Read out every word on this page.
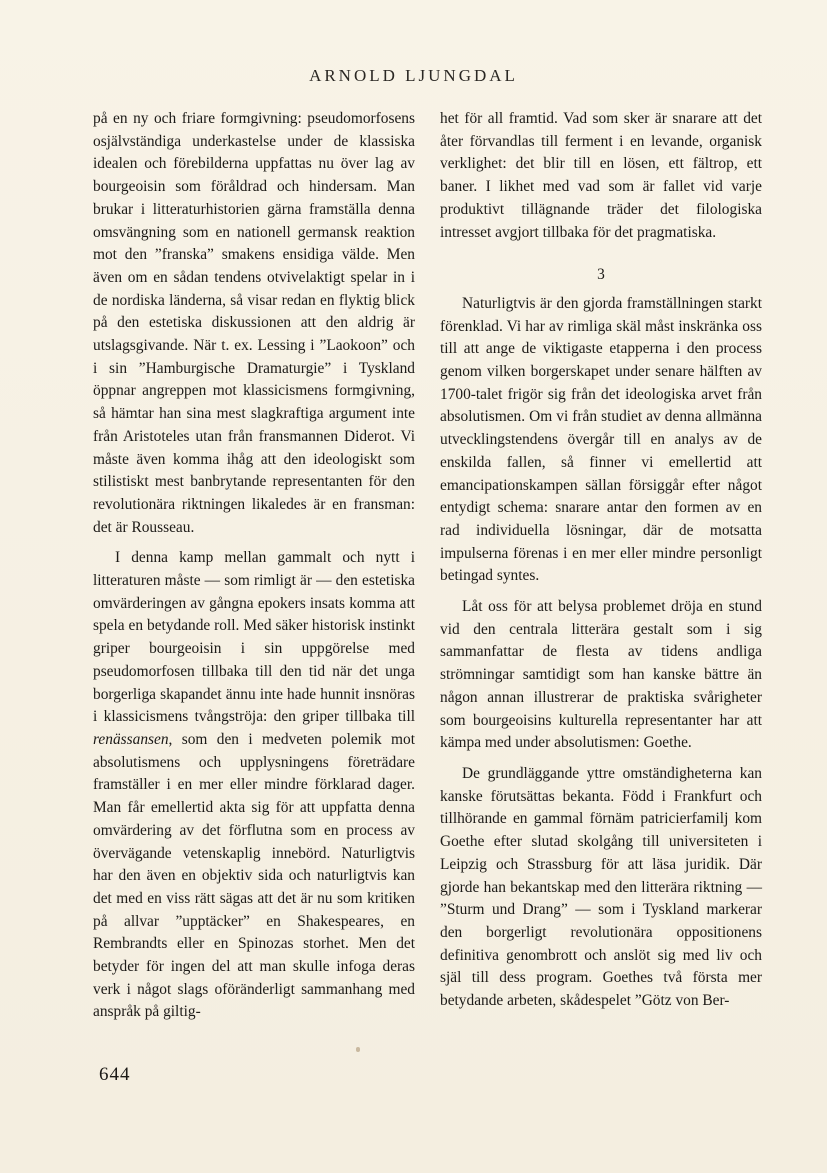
ARNOLD LJUNGDAL

på en ny och friare formgivning: pseudomorfosens osjälvständiga underkastelse under de klassiska idealen och förebilderna uppfattas nu över lag av bourgeoisin som föråldrad och hindersam. Man brukar i litteraturhistorien gärna framställa denna omsvängning som en nationell germansk reaktion mot den ”franska” smakens ensidiga välde. Men även om en sådan tendens otvivelaktigt spelar in i de nordiska länderna, så visar redan en flyktig blick på den estetiska diskussionen att den aldrig är utslagsgivande. När t. ex. Lessing i ”Laokoon” och i sin ”Hamburgische Dramaturgie” i Tyskland öppnar angreppen mot klassicismens formgivning, så hämtar han sina mest slagkraftiga argument inte från Aristoteles utan från fransmannen Diderot. Vi måste även komma ihåg att den ideologiskt som stilistiskt mest banbrytande representanten för den revolutionära riktningen likaledes är en fransman: det är Rousseau.

I denna kamp mellan gammalt och nytt i litteraturen måste — som rimligt är — den estetiska omvärderingen av gångna epokers insats komma att spela en betydande roll. Med säker historisk instinkt griper bourgeoisin i sin uppgörelse med pseudomorfosen tillbaka till den tid när det unga borgerliga skapandet ännu inte hade hunnit insnöras i klassicismens tvångströja: den griper tillbaka till renässansen, som den i medveten polemik mot absolutismens och upplysningens företrädare framställer i en mer eller mindre förklarad dager. Man får emellertid akta sig för att uppfatta denna omvärdering av det förflutna som en process av övervägande vetenskaplig innebörd. Naturligtvis har den även en objektiv sida och naturligtvis kan det med en viss rätt sägas att det är nu som kritiken på allvar ”upptäcker” en Shakespeares, en Rembrandts eller en Spinozas storhet. Men det betyder för ingen del att man skulle infoga deras verk i något slags oföränderligt sammanhang med anspråk på giltig-

het för all framtid. Vad som sker är snarare att det åter förvandlas till ferment i en levande, organisk verklighet: det blir till en lösen, ett fältrop, ett baner. I likhet med vad som är fallet vid varje produktivt tillägnande träder det filologiska intresset avgjort tillbaka för det pragmatiska.

3

Naturligtvis är den gjorda framställningen starkt förenklad. Vi har av rimliga skäl måst inskränka oss till att ange de viktigaste etapperna i den process genom vilken borgerskapet under senare hälften av 1700-talet frigör sig från det ideologiska arvet från absolutismen. Om vi från studiet av denna allmänna utvecklingstendens övergår till en analys av de enskilda fallen, så finner vi emellertid att emancipationskampen sällan försiggår efter något entydigt schema: snarare antar den formen av en rad individuella lösningar, där de motsatta impulserna förenas i en mer eller mindre personligt betingad syntes.

Låt oss för att belysa problemet dröja en stund vid den centrala litterära gestalt som i sig sammanfattar de flesta av tidens andliga strömningar samtidigt som han kanske bättre än någon annan illustrerar de praktiska svårigheter som bourgeoisins kulturella representanter har att kämpa med under absolutismen: Goethe.

De grundläggande yttre omständigheterna kan kanske förutsättas bekanta. Född i Frankfurt och tillhörande en gammal förnäm patricierfamilj kom Goethe efter slutad skolgång till universiteten i Leipzig och Strassburg för att läsa juridik. Där gjorde han bekantskap med den litterära riktning — ”Sturm und Drang” — som i Tyskland markerar den borgerligt revolutionära oppositionens definitiva genombrott och anslöt sig med liv och själ till dess program. Goethes två första mer betydande arbeten, skådespelet ”Götz von Ber-

644
